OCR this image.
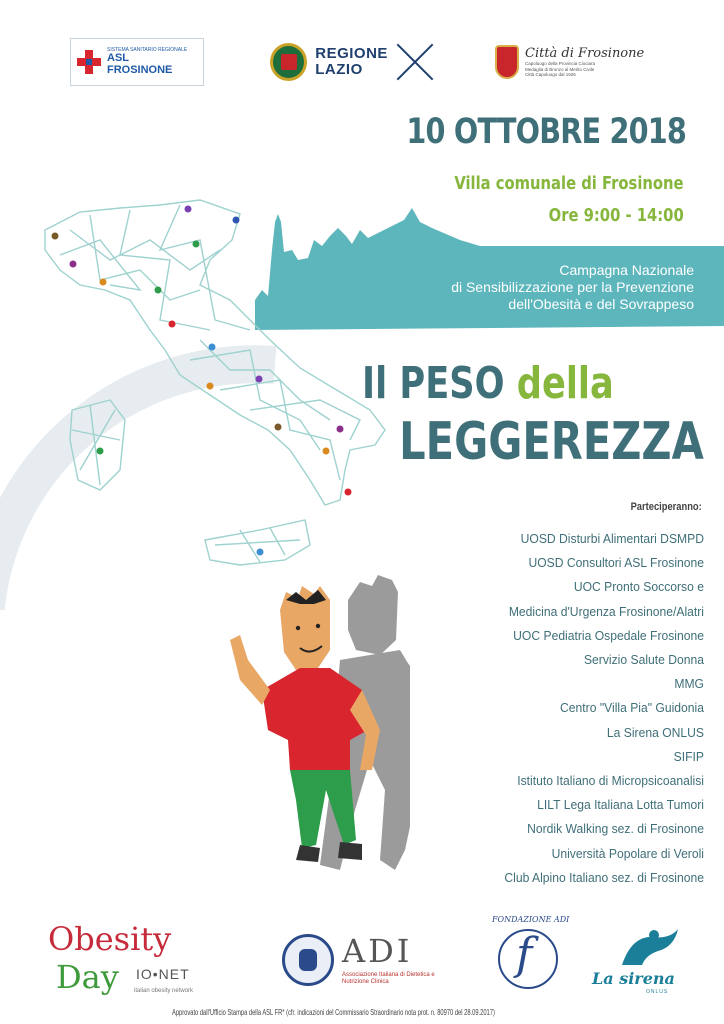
SISTEMA SANITARIO REGIONALE
ASL
FROSINONE
REGIONE
LAZIO
Città di Frosinone
Capoluogo della Provincia Ciociara
Medaglia di Bronzo al Merito Civile
Città Capoluogo dal 1926
10 OTTOBRE 2018
Villa comunale di Frosinone
Ore 9:00 - 14:00
Campagna Nazionale
di Sensibilizzazione per la Prevenzione
dell'Obesità e del Sovrappeso
Il PESO della
LEGGEREZZA
Parteciperanno:
UOSD Disturbi Alimentari DSMPD
UOSD Consultori ASL Frosinone
UOC Pronto Soccorso e
Medicina d'Urgenza Frosinone/Alatri
UOC Pediatria Ospedale Frosinone
Servizio Salute Donna
MMG
Centro "Villa Pia" Guidonia
La Sirena ONLUS
SIFIP
Istituto Italiano di Micropsicoanalisi
LILT Lega Italiana Lotta Tumori
Nordik Walking sez. di Frosinone
Università Popolare di Veroli
Club Alpino Italiano sez. di Frosinone
Obesity
Day IO•NET
italian obesity network
ADI
Associazione Italiana di Dietetica e Nutrizione Clinica
FONDAZIONE ADI
f	La sirena
ONLUS
Approvato dall'Ufficio Stampa della ASL FR* (cfr. indicazioni del Commissario Straordinario nota prot. n. 80970 del 28.09.2017)
